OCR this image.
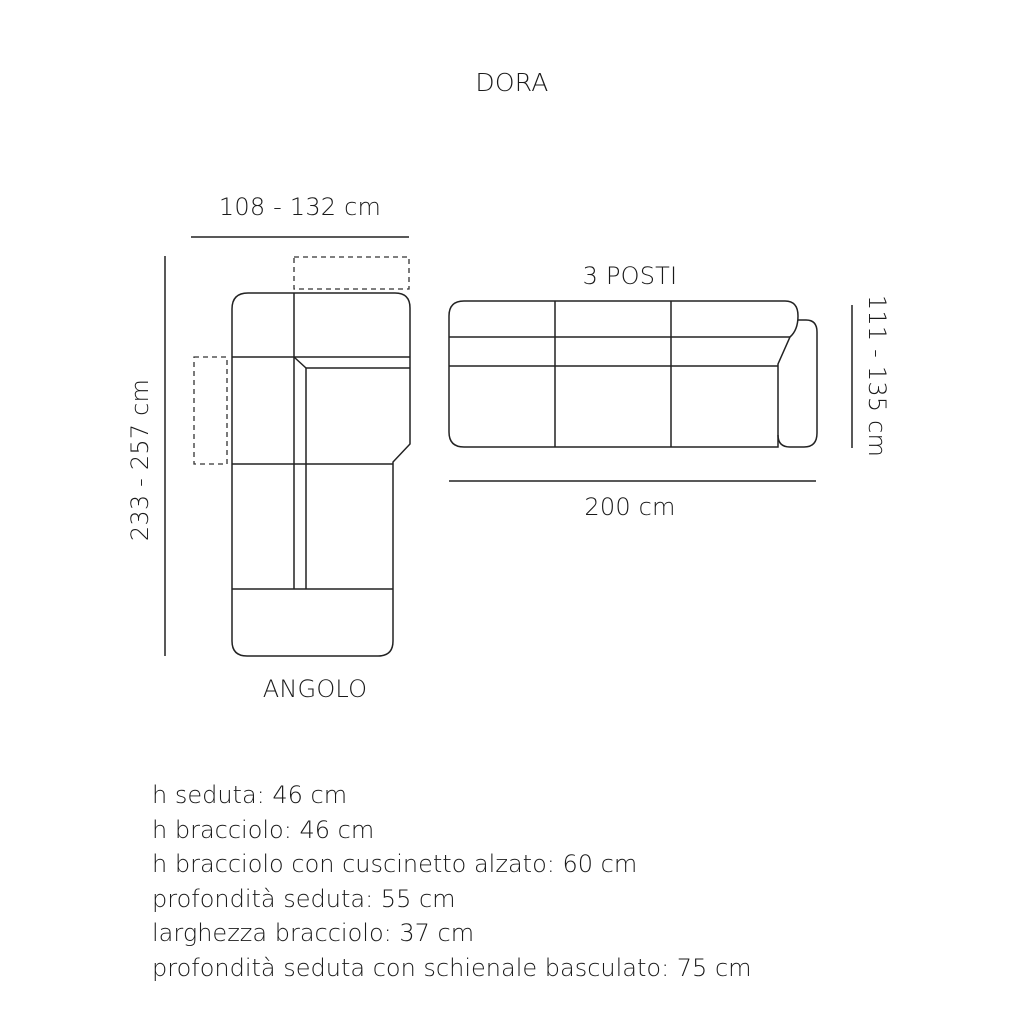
DORA
108 - 132 cm
233 - 257 cm
ANGOLO
3 POSTI
200 cm
111 - 135 cm
h seduta: 46 cm
h bracciolo: 46 cm
h bracciolo con cuscinetto alzato: 60 cm
profondità seduta: 55 cm
larghezza bracciolo: 37 cm
profondità seduta con schienale basculato: 75 cm
